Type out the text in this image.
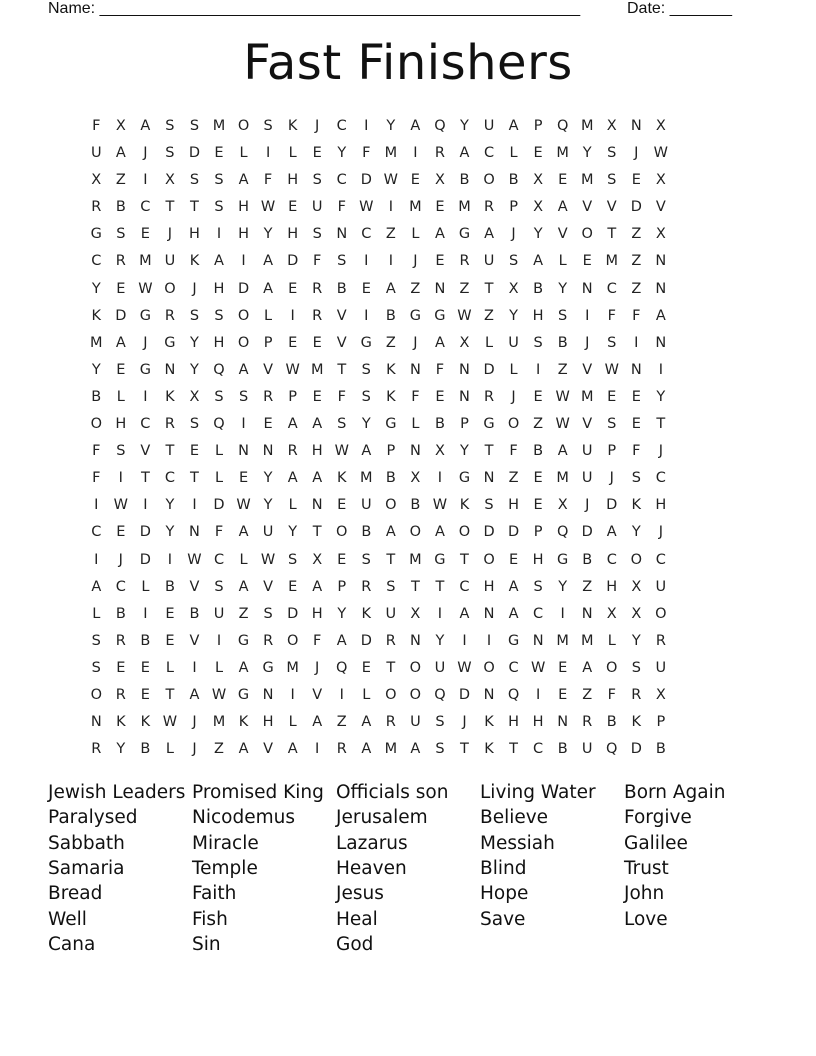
Name: ______________________________________________________	Date: _______
Fast Finishers
F	X	A	S	S M O S	K	J	C	I	Y	A Q Y	U A	P Q M X N X
U A	J	S D E	L	I	L	E	Y	F M	I	R	A	C	L	E M Y	S	J	W
X	Z	I	X	S	S	A	F	H S	C D W E	X	B O B	X	E M S	E	X
R	B	C	T	T	S H W E	U	F W	I	M E M R	P	X	A	V	V D V
G S	E	J	H	I	H	Y	H S	N C	Z	L	A G A	J	Y	V O T	Z	X
C R M U K	A	I	A D	F	S	I	I	J	E	R U	S	A	L	E M Z N
Y	E W O	J	H D A	E	R	B	E	A	Z N Z	T	X	B	Y	N C	Z N
K D G R	S	S O	L	I	R	V	I	B G G W Z	Y	H S	I	F	F	A
M A	J	G	Y	H O P	E	E	V G Z	J	A	X	L	U	S	B	J	S	I	N
Y	E G N	Y Q A	V W M T	S	K N	F	N D	L	I	Z	V W N	I
B	L	I	K	X	S	S	R	P	E	F	S	K	F	E	N R	J	E W M E	E	Y
O H C R	S Q	I	E	A	A	S	Y G	L	B	P	G O Z W V	S	E	T
F	S	V	T	E	L	N N R H W A	P	N X	Y	T	F	B	A U	P	F	J
F	I	T	C	T	L	E	Y	A	A	K M B	X	I	G N Z	E M U	J	S	C
I	W	I	Y	I	D W Y	L	N	E	U O B W K	S H	E	X	J	D K H
C	E D	Y	N	F	A U	Y	T O B	A O A O D D	P Q D A	Y	J
I	J	D	I	W C	L W S	X	E	S	T M G	T O E	H G B	C O C
A	C	L	B	V	S	A	V	E	A	P	R	S	T	T	C H A	S	Y	Z H X U
L	B	I	E	B U Z	S D H	Y	K U X	I	A N A	C	I	N X	X O
S	R	B	E	V	I	G R O	F	A D R N	Y	I	I	G N M M L	Y	R
S	E	E	L	I	L	A G M	J	Q E	T O U W O C W E	A O S	U
O R	E	T	A W G N	I	V	I	L	O O Q D N Q	I	E	Z	F	R	X
N K	K W	J	M K H	L	A	Z	A	R U	S	J	K H H N R	B	K	P
R	Y	B	L	J	Z	A	V	A	I	R	A M A	S	T	K	T	C	B U Q D B
Jewish Leaders
Paralysed
Sabbath
Samaria
Bread
Well
Cana
Promised King
Nicodemus
Miracle
Temple
Faith
Fish
Sin
Officials son
Jerusalem
Lazarus
Heaven
Jesus
Heal
God
Living Water
Believe
Messiah
Blind
Hope
Save
Born Again
Forgive
Galilee
Trust
John
Love
